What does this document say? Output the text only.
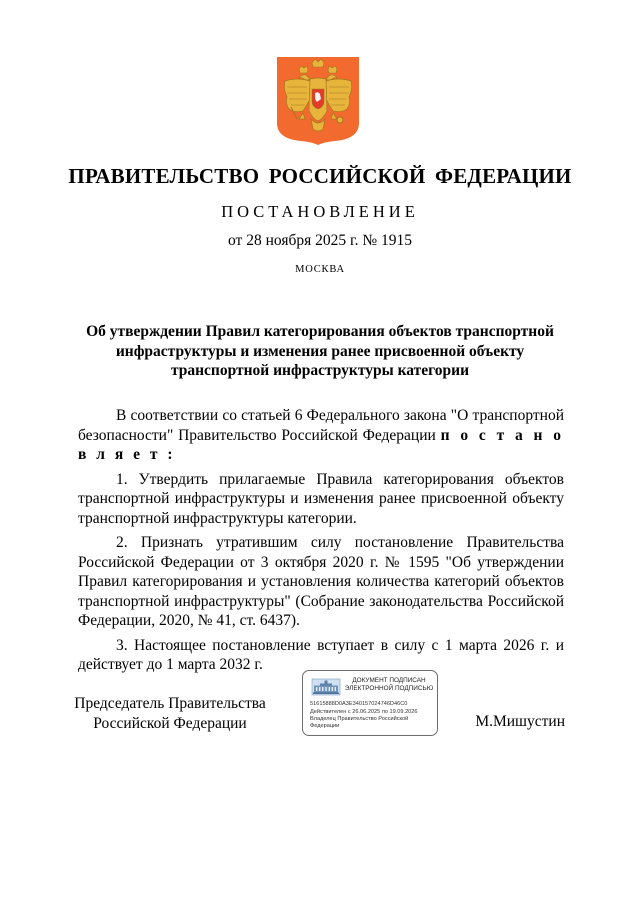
ПРАВИТЕЛЬСТВО РОССИЙСКОЙ ФЕДЕРАЦИИ
ПОСТАНОВЛЕНИЕ
от 28 ноября 2025 г. № 1915
МОСКВА
Об утверждении Правил категорирования объектов транспортной
инфраструктуры и изменения ранее присвоенной объекту
транспортной инфраструктуры категории

В соответствии со статьей 6 Федерального закона "О транспортной безопасности" Правительство Российской Федерации п о с т а н о в л я е т :

1. Утвердить прилагаемые Правила категорирования объектов транспортной инфраструктуры и изменения ранее присвоенной объекту транспортной инфраструктуры категории.

2. Признать утратившим силу постановление Правительства Российской Федерации от 3 октября 2020 г. № 1595 "Об утверждении Правил категорирования и установления количества категорий объектов транспортной инфраструктуры" (Собрание законодательства Российской Федерации, 2020, № 41, ст. 6437).

3. Настоящее постановление вступает в силу с 1 марта 2026 г. и действует до 1 марта 2032 г.

Председатель Правительства
Российской Федерации
ДОКУМЕНТ ПОДПИСАН
ЭЛЕКТРОННОЙ ПОДПИСЬЮ
51615888D0A3E340157024746D46C0
Действителен с 26.06.2025 по 19.09.2026
Владелец Правительство Российской
Федерации	М.Мишустин
